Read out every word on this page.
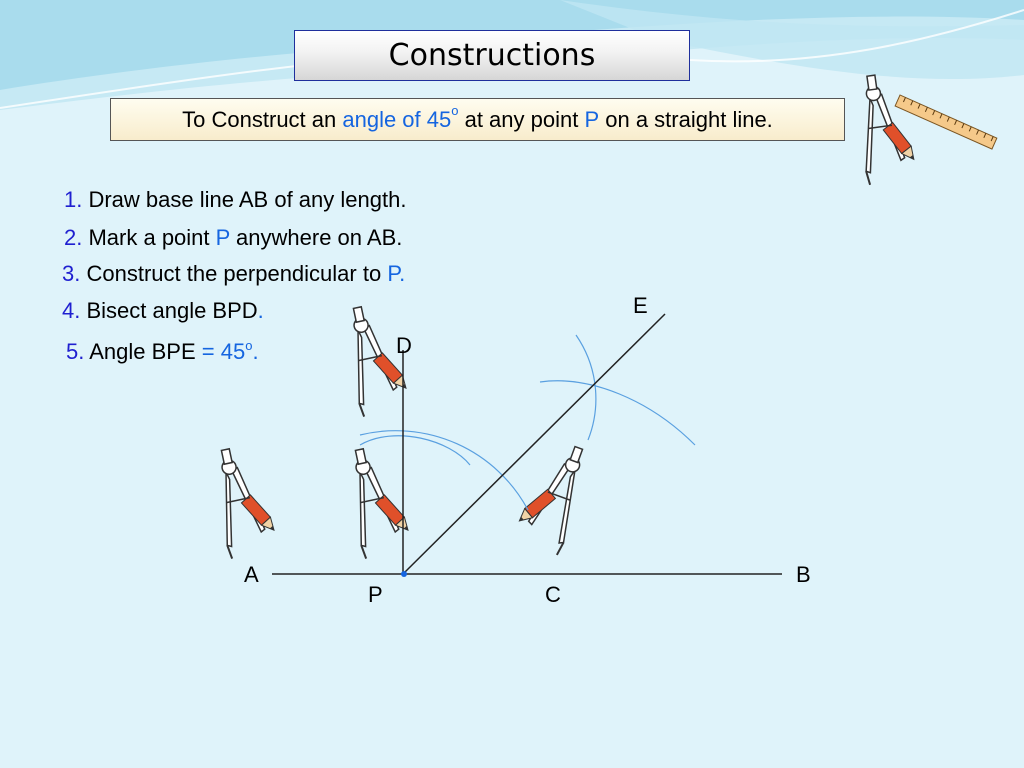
Constructions
To Construct an angle of 45 o at any point P on a straight line.
1. Draw base line AB of any length.
2. Mark a point P anywhere on AB.
3. Construct the perpendicular to P.
4. Bisect angle BPD.
5. Angle BPE = $45^o$.
A	B
P	C
D
E
